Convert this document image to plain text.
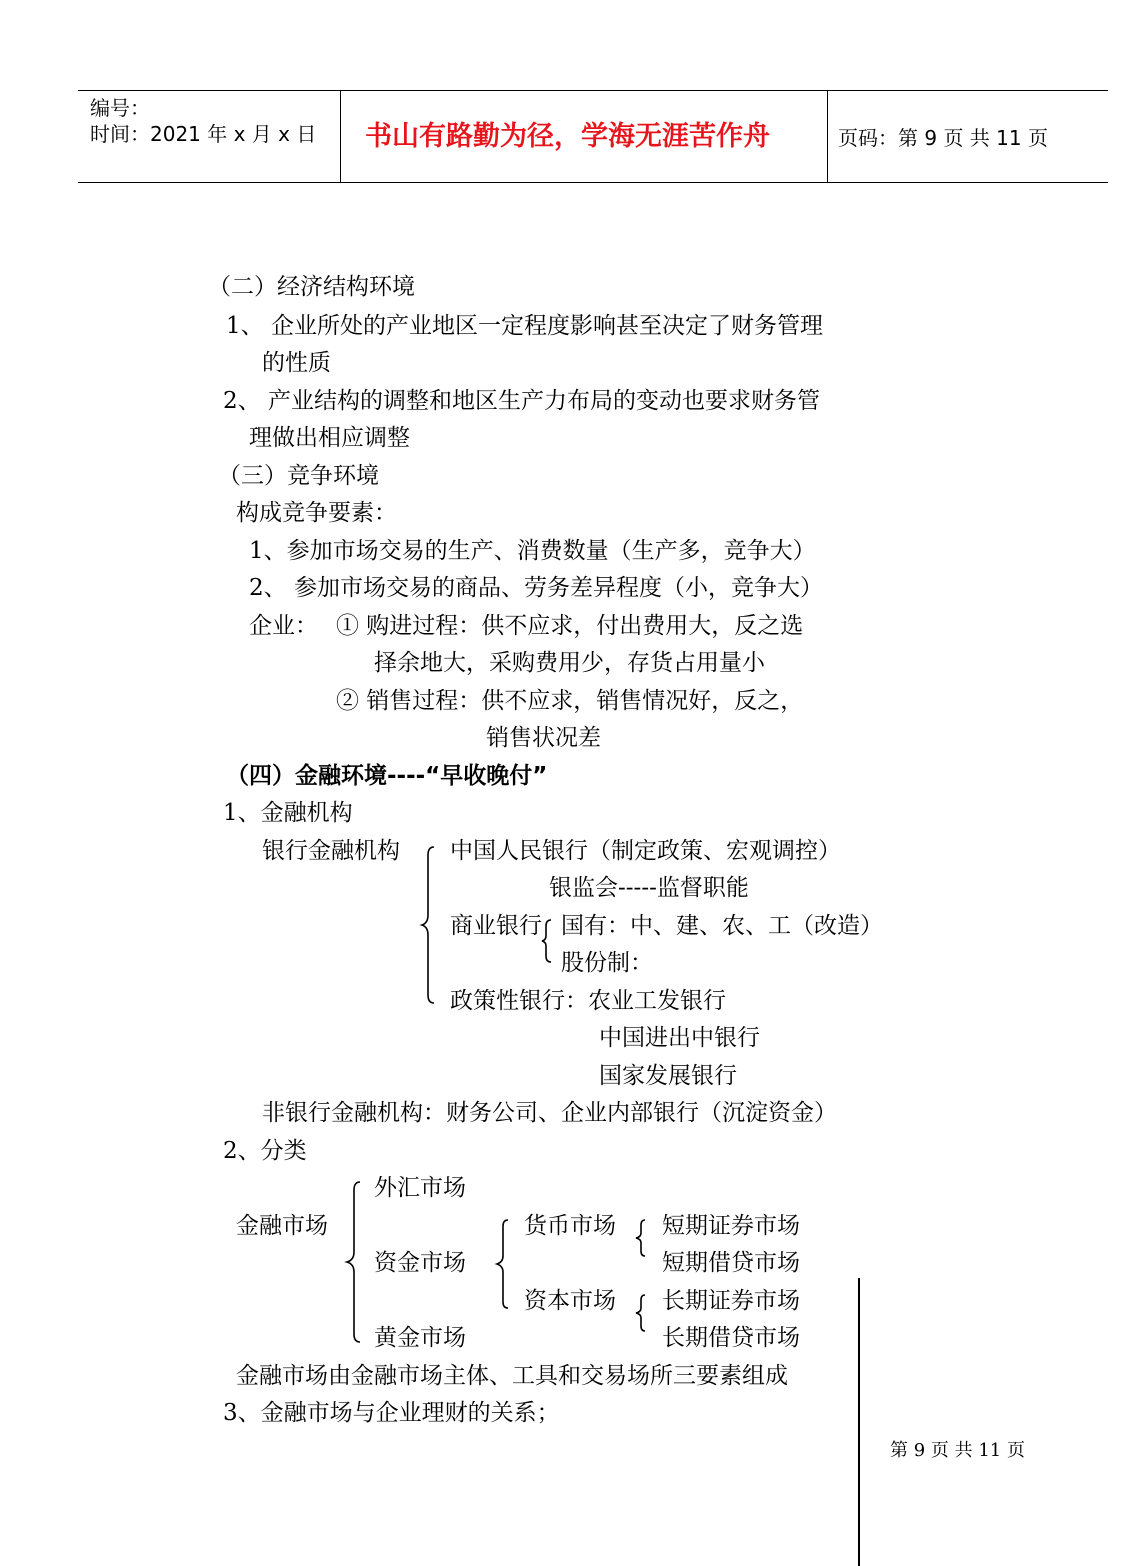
编号：
时间：2021 年 x 月 x 日 书山有路勤为径，学海无涯苦作舟	页码：第 9 页 共 11 页
（二）经济结构环境
1、 企业所处的产业地区一定程度影响甚至决定了财务管理
的性质
2、 产业结构的调整和地区生产力布局的变动也要求财务管
理做出相应调整
（三）竞争环境
构成竞争要素：
1、参加市场交易的生产、消费数量（生产多，竞争大）
2、 参加市场交易的商品、劳务差异程度（小，竞争大）
企业： ① 购进过程：供不应求，付出费用大，反之选
择余地大，采购费用少，存货占用量小
② 销售过程：供不应求，销售情况好，反之，
销售状况差
（四）金融环境----“早收晚付”
1、金融机构
银行金融机构 中国人民银行（制定政策、宏观调控）
银监会-----监督职能
商业银行 国有：中、建、农、工（改造）
股份制：
政策性银行：农业工发银行
中国进出中银行
国家发展银行
非银行金融机构：财务公司、企业内部银行（沉淀资金）
2、分类
金融市场
外汇市场
资金市场
黄金市场
货币市场
资本市场
短期证券市场
短期借贷市场
长期证券市场
长期借贷市场
金融市场由金融市场主体、工具和交易场所三要素组成
3、金融市场与企业理财的关系；
第 9 页 共 11 页
